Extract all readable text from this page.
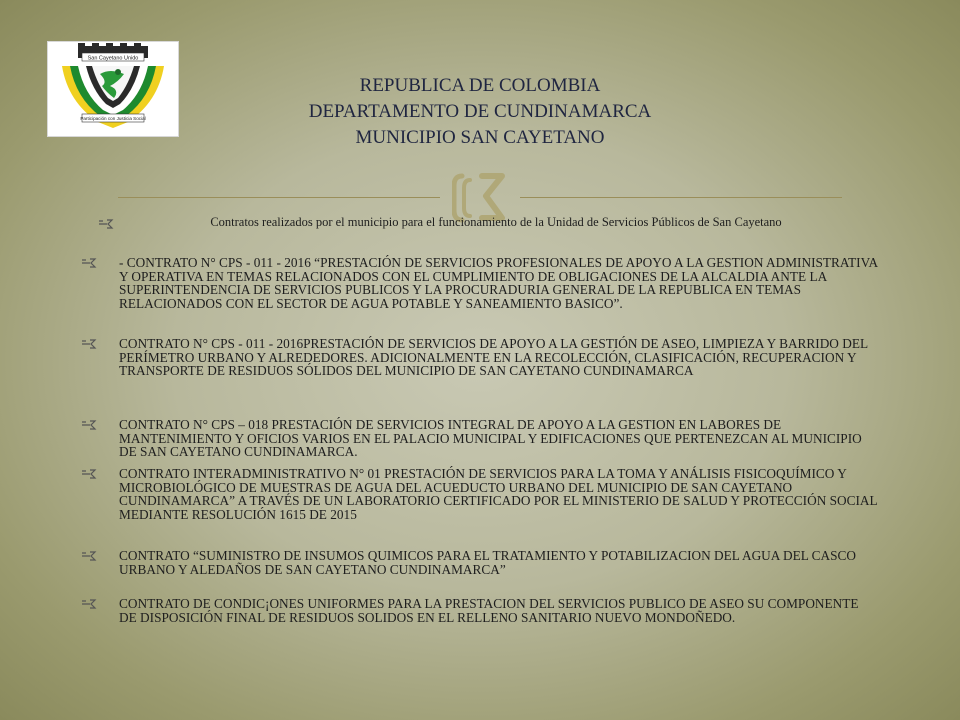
San Cayetano Unido
Participación con Justicia Social
REPUBLICA DE COLOMBIA
DEPARTAMENTO DE CUNDINAMARCA
MUNICIPIO SAN CAYETANO
Contratos realizados por el municipio para el funcionamiento de la Unidad de Servicios Públicos de San Cayetano
- CONTRATO N° CPS - 011 - 2016 “PRESTACIÓN DE SERVICIOS PROFESIONALES DE APOYO A LA GESTION ADMINISTRATIVA Y OPERATIVA EN TEMAS RELACIONADOS CON EL CUMPLIMIENTO DE OBLIGACIONES DE LA ALCALDIA ANTE LA SUPERINTENDENCIA DE SERVICIOS PUBLICOS Y LA PROCURADURIA GENERAL DE LA REPUBLICA EN TEMAS RELACIONADOS CON EL SECTOR DE AGUA POTABLE Y SANEAMIENTO BASICO”.
CONTRATO N° CPS - 011 - 2016PRESTACIÓN DE SERVICIOS DE APOYO A LA GESTIÓN DE ASEO, LIMPIEZA Y BARRIDO DEL PERÍMETRO URBANO Y ALREDEDORES. ADICIONALMENTE EN LA RECOLECCIÓN, CLASIFICACIÓN, RECUPERACION Y TRANSPORTE DE RESIDUOS SÓLIDOS DEL MUNICIPIO DE SAN CAYETANO CUNDINAMARCA
CONTRATO N° CPS – 018 PRESTACIÓN DE SERVICIOS INTEGRAL DE APOYO A LA GESTION EN LABORES DE MANTENIMIENTO Y OFICIOS VARIOS EN EL PALACIO MUNICIPAL Y EDIFICACIONES QUE PERTENEZCAN AL MUNICIPIO DE SAN CAYETANO CUNDINAMARCA.
CONTRATO INTERADMINISTRATIVO N° 01 PRESTACIÓN DE SERVICIOS PARA LA TOMA Y ANÁLISIS FISICOQUÍMICO Y MICROBIOLÓGICO DE MUESTRAS DE AGUA DEL ACUEDUCTO URBANO DEL MUNICIPIO DE SAN CAYETANO CUNDINAMARCA” A TRAVÉS DE UN LABORATORIO CERTIFICADO POR EL MINISTERIO DE SALUD Y PROTECCIÓN SOCIAL MEDIANTE RESOLUCIÓN 1615 DE 2015
CONTRATO “SUMINISTRO DE INSUMOS QUIMICOS PARA EL TRATAMIENTO Y POTABILIZACION DEL AGUA DEL CASCO URBANO Y ALEDAÑOS DE SAN CAYETANO CUNDINAMARCA”
CONTRATO DE CONDIC¡ONES UNIFORMES PARA LA PRESTACION DEL SERVICIOS PUBLICO DE ASEO SU COMPONENTE DE DISPOSICIÓN FINAL DE RESIDUOS SOLIDOS EN EL RELLENO SANITARIO NUEVO MONDOÑEDO.
